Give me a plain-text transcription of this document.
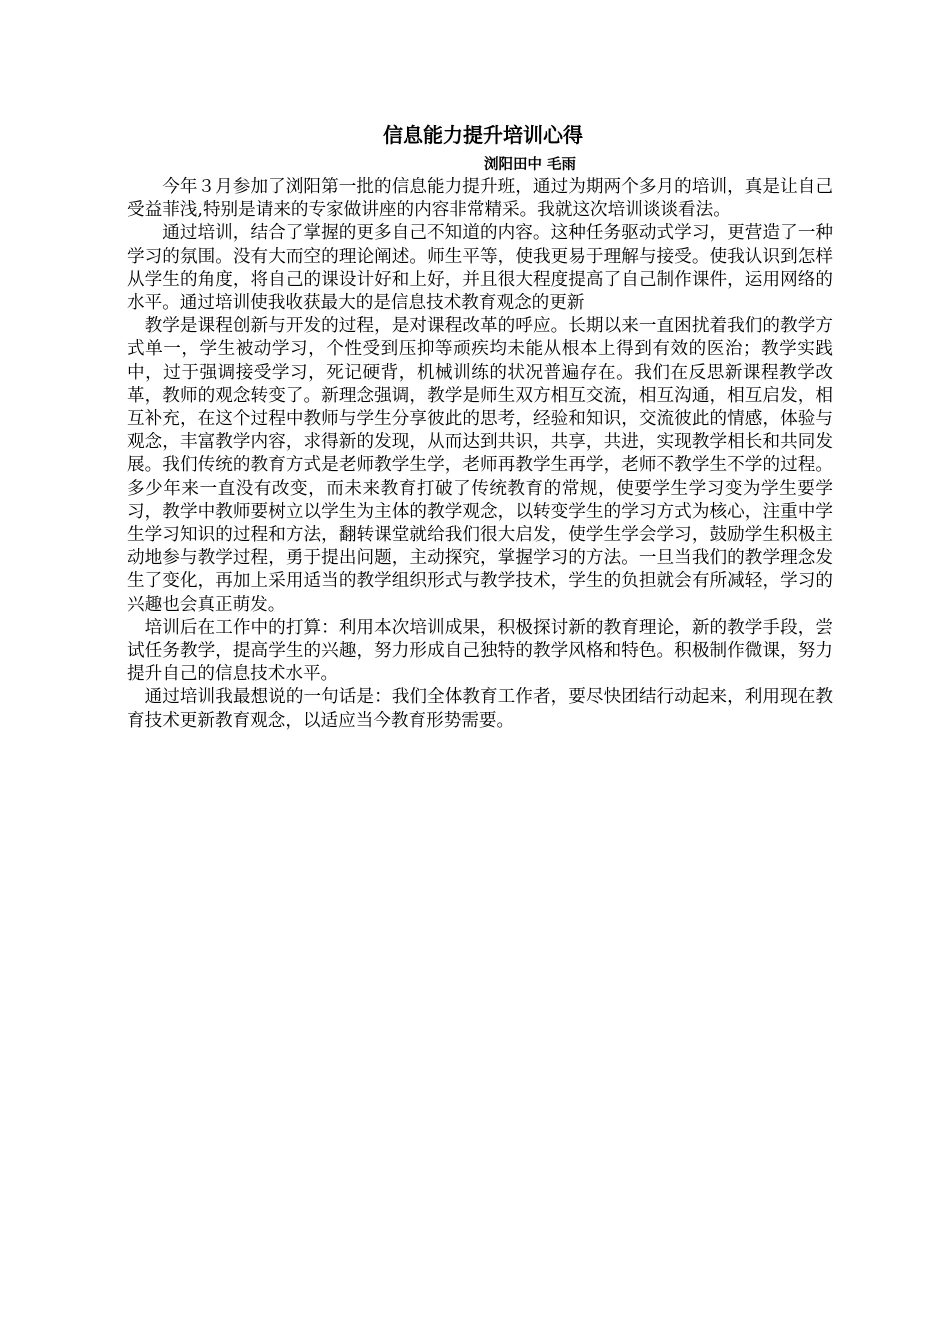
信息能力提升培训心得

浏阳田中 毛雨

今年３月参加了浏阳第一批的信息能力提升班，通过为期两个多月的培训，真是让自己受益菲浅,特别是请来的专家做讲座的内容非常精采。我就这次培训谈谈看法。

通过培训，结合了掌握的更多自己不知道的内容。这种任务驱动式学习，更营造了一种学习的氛围。没有大而空的理论阐述。师生平等，使我更易于理解与接受。使我认识到怎样从学生的角度，将自己的课设计好和上好，并且很大程度提高了自己制作课件，运用网络的水平。通过培训使我收获最大的是信息技术教育观念的更新

教学是课程创新与开发的过程，是对课程改革的呼应。长期以来一直困扰着我们的教学方式单一，学生被动学习，个性受到压抑等顽疾均未能从根本上得到有效的医治；教学实践中，过于强调接受学习，死记硬背，机械训练的状况普遍存在。我们在反思新课程教学改革，教师的观念转变了。新理念强调，教学是师生双方相互交流，相互沟通，相互启发，相互补充，在这个过程中教师与学生分享彼此的思考，经验和知识，交流彼此的情感，体验与观念，丰富教学内容，求得新的发现，从而达到共识，共享，共进，实现教学相长和共同发展。我们传统的教育方式是老师教学生学，老师再教学生再学，老师不教学生不学的过程。多少年来一直没有改变，而未来教育打破了传统教育的常规，使要学生学习变为学生要学习，教学中教师要树立以学生为主体的教学观念，以转变学生的学习方式为核心，注重中学生学习知识的过程和方法，翻转课堂就给我们很大启发，使学生学会学习，鼓励学生积极主动地参与教学过程，勇于提出问题，主动探究，掌握学习的方法。一旦当我们的教学理念发生了变化，再加上采用适当的教学组织形式与教学技术，学生的负担就会有所减轻，学习的兴趣也会真正萌发。

培训后在工作中的打算：利用本次培训成果，积极探讨新的教育理论，新的教学手段，尝试任务教学，提高学生的兴趣，努力形成自己独特的教学风格和特色。积极制作微课，努力提升自己的信息技术水平。

通过培训我最想说的一句话是：我们全体教育工作者，要尽快团结行动起来，利用现在教育技术更新教育观念，以适应当今教育形势需要。
